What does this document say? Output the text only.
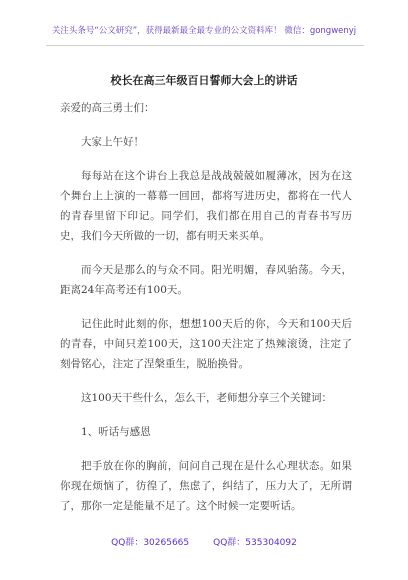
关注头条号“公文研究”，获得最新最全最专业的公文资料库！ 微信：gongwenyj
校长在高三年级百日誓师大会上的讲话

亲爱的高三勇士们：

大家上午好！

每每站在这个讲台上我总是战战兢兢如履薄冰，因为在这个舞台上上演的一幕幕一回回，都将写进历史，都将在一代人的青春里留下印记。同学们，我们都在用自己的青春书写历史，我们今天所做的一切，都有明天来买单。

而今天是那么的与众不同。阳光明媚，春风骀荡。今天，距离24年高考还有100天。

记住此时此刻的你，想想100天后的你，今天和100天后的青春，中间只差100天，这100天注定了热辣滚烫，注定了刻骨铭心，注定了涅槃重生，脱胎换骨。

这100天干些什么，怎么干，老师想分享三个关键词：

1、听话与感恩

把手放在你的胸前，问问自己现在是什么心理状态。如果你现在烦恼了，彷徨了，焦虑了，纠结了，压力大了，无所谓了，那你一定是能量不足了。这个时候一定要听话。

QQ群：30265665	QQ群：535304092
